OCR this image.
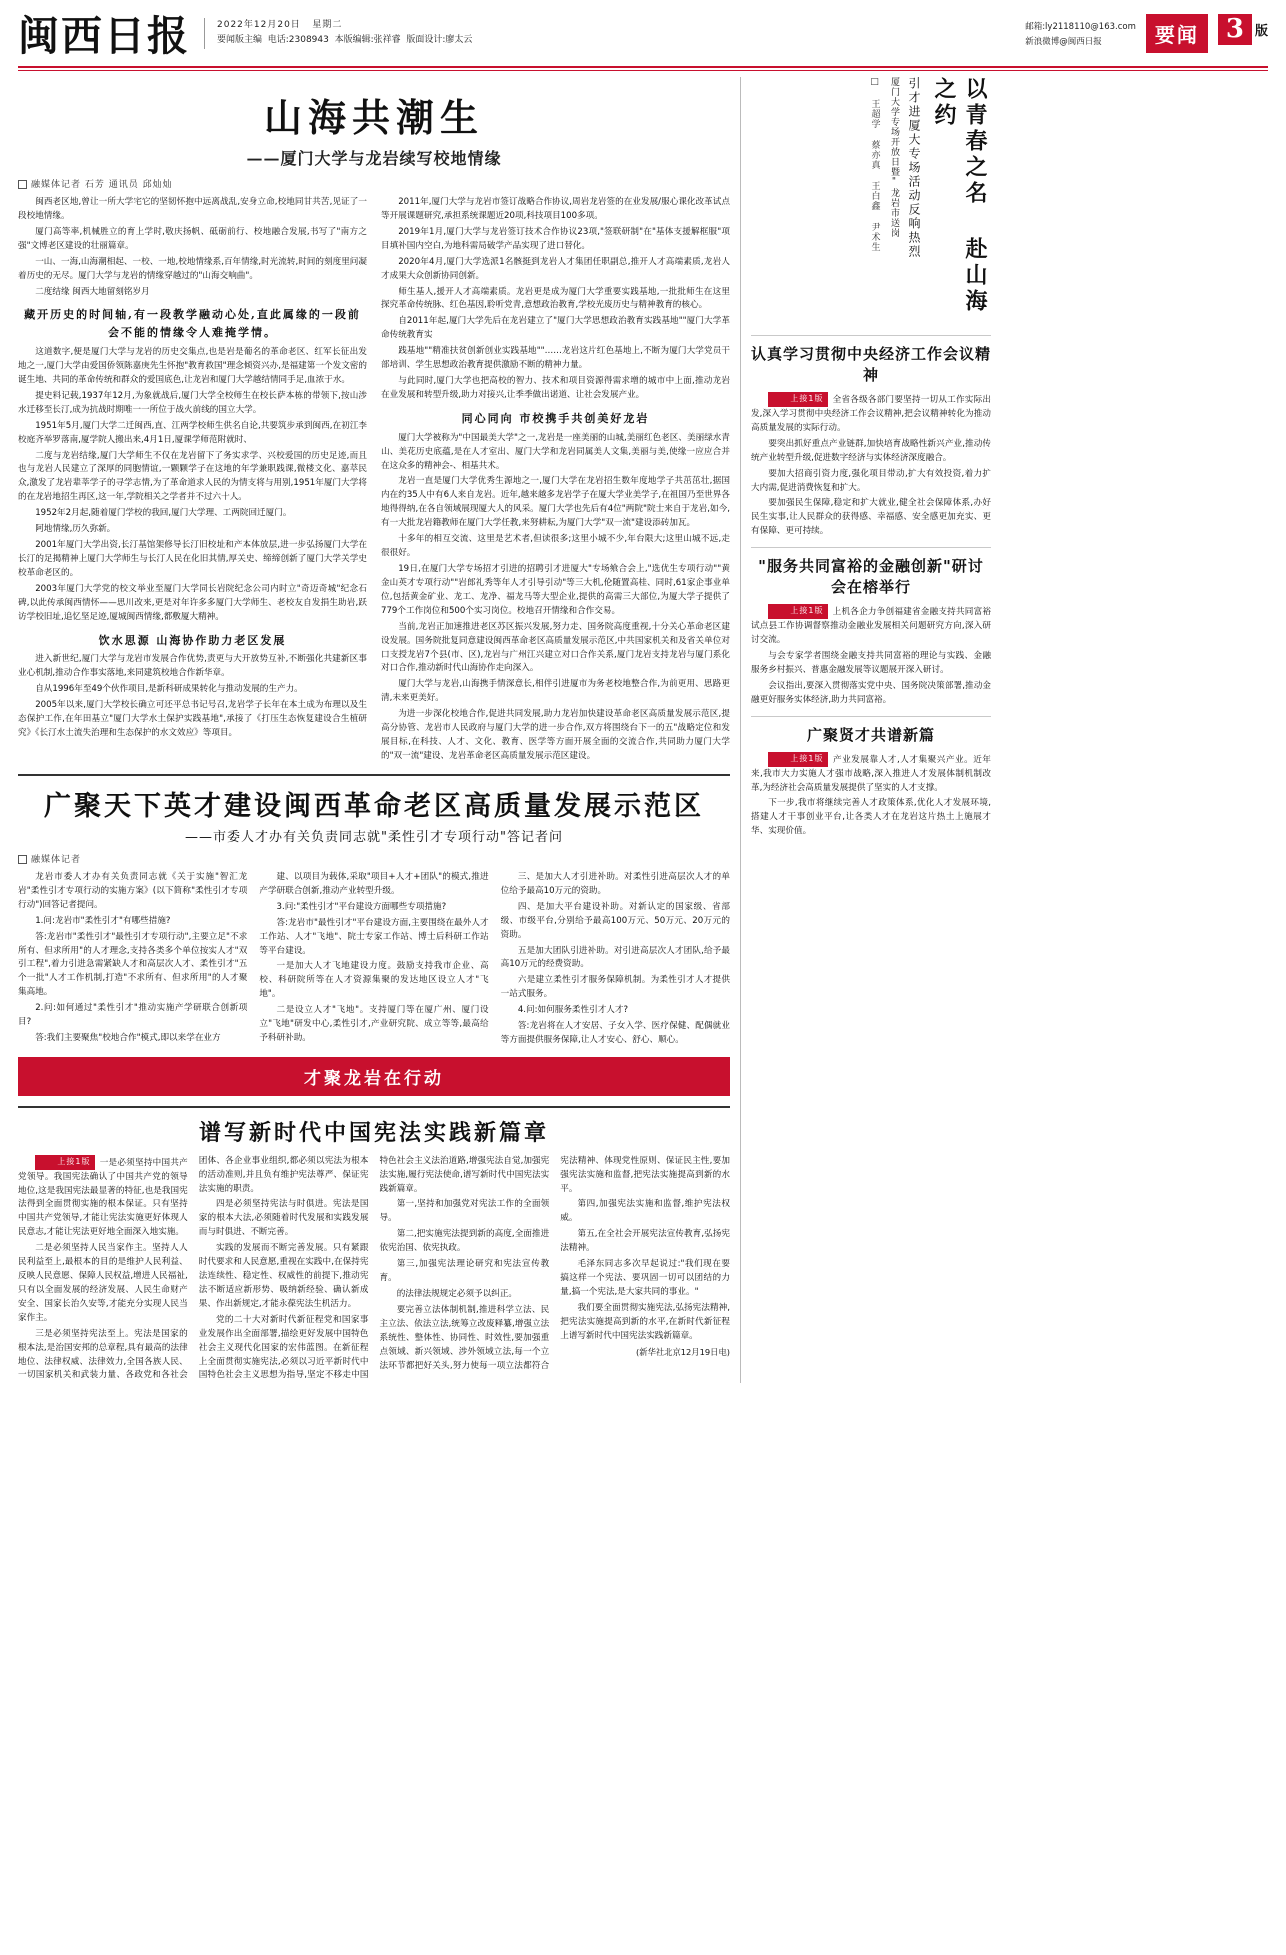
闽西日报	2022年12月20日 星期二
要闻版主编 电话:2308943 本版编辑:张祥睿 版面设计:廖太云
邮箱:ly2118110@163.com
新浪微博@闽西日报	要闻	3 版
山海共潮生
——厦门大学与龙岩续写校地情缘
融媒体记者 石芳 通讯员 邱灿灿

闽西老区地,曾让一所大学宅它的坚韧怀抱中远离战乱,安身立命,校地同甘共苦,见证了一段校地情缘。

厦门高等率,机械胜立的育上学时,敬庆扬帆、砥砺前行、校地融合发展,书写了"南方之强"文博老区建设的壮丽篇章。

一山、一海,山海潮相起、一校、一地,校地情缘系,百年情缘,时光流转,时间的刻度里问凝着历史的无尽。厦门大学与龙岩的情缘穿越过的"山海交响曲"。

二度结缘 闽西大地留刻铭岁月

藏开历史的时间轴,有一段教学融动心处,直此属缘的一段前会不能的情缘令人难掩学情。

这道数字,便是厦门大学与龙岩的历史交集点,也是岩是葡名的革命老区、红军长征出发地之一,厦门大学由爱国侨领陈嘉庚先生怀抱"教育救国"理念倾资兴办,是福建第一个发文密的诞生地、共同的革命传统和群众的爱国底色,让龙岩和厦门大学越结情同手足,血浓于水。

提史料记载,1937年12月,为象就战后,厦门大学全校师生在校长萨本栋的带领下,按山涉水迁移至长汀,成为抗战时期唯一一所位于战火前线的国立大学。

1951年5月,厦门大学二迁闽西,直、江两学校师生供名自论,共要筑步承到闽西,在初江李校庭齐举罗落南,厦学院人搬出来,4月1日,厦课学师范附就时、

二度与龙岩结缘,厦门大学师生不仅在龙岩留下了务实求学、兴校爱国的历史足迹,而且也与龙岩人民建立了深厚的同胞情谊,一颗颗学子在这地的年学兼职践课,微楼文化、嘉萃民众,激发了龙岩辈莘学子的寻学志情,为了革命道求人民的为情支将与用别,1951年厦门大学将的在龙岩地招生再区,这一年,学院相关之学者并不过六十人。

1952年2月起,随着厦门学校的我回,厦门大学理、工两院回迁厦门。

阿地情缘,历久弥新。

2001年厦门大学出资,长汀基馆架修导长汀旧校址和产本体放层,进一步弘扬厦门大学在长汀的足揭精神上厦门大学师生与长汀人民在化旧其情,厚关史、缔缔创新了厦门大学关学史校革命老区的。

2003年厦门大学党的校文举业至厦门大学同长岩院纪念公司内时立"奇迈奇城"纪念石碑,以此传承闽西情怀——思川改来,更是对年许多多厦门大学师生、老校友自发捐生助岩,跃访学校旧址,追忆坚足迹,厦城闽西情缘,都敷厦大精神。

饮水思源 山海协作助力老区发展

进入新世纪,厦门大学与龙岩市发展合作优势,责更与大开放势互补,不断强化共建新区事业心机制,推动合作事实落地,来同建筑校地合作新华章。

自从1996年至49个伙作项目,是新科研成果转化与推动发展的生产力。

2005年以来,厦门大学校长确立可还平总书记号召,龙岩学子长年在本土成为布理以及生态保护工作,在年田基立"厦门大学水土保护实践基地",承接了《打压生态恢复建设合生植研究》《长汀水土流失治理和生态保护的水文效应》等项目。

2011年,厦门大学与龙岩市签订战略合作协议,周岩龙岩签的在业发展/服心课化改革试点等开展课题研究,承担系统课题近20项,科技项目100多项。

2019年1月,厦门大学与龙岩签订技术合作协议23项,"签联研制"在"基体支援解框服"项目填补国内空白,为地科需局破学产品实现了进口替化。

2020年4月,厦门大学选派1名骸挺到龙岩人才集团任职副总,推开人才高端素质,龙岩人才成果大众创新协同创新。

师生基人,援开人才高端素质。龙岩更是成为厦门大学重要实践基地,一批批师生在这里探究革命传统脉、红色基因,聆听党青,意想政治教育,学校光废历史与精神教育的核心。

自2011年起,厦门大学先后在龙岩建立了"厦门大学思想政治教育实践基地""厦门大学革命传统教育实

践基地""精准扶贫创新创业实践基地""……龙岩这片红色基地上,不断为厦门大学党员干部培训、学生思想政治教育提供激励不断的精神力量。

与此同时,厦门大学也把高校的智力、技术和项目资源得需求增的城市中上面,推动龙岩在业发展和转型升级,助力对接兴,让季季做出诺道、让社会发展产业。

同心同向 市校携手共创美好龙岩

厦门大学被称为"中国最美大学"之一,龙岩是一座美丽的山城,美丽红色老区、美丽绿水青山、美花历史底蕴,是在人才室出、厦门大学和龙岩同属美人文集,美丽与美,使缘一应应合并在这众多的精神会-、相基共术。

龙岩一直是厦门大学优秀生源地之一,厦门大学在龙岩招生数年度地学子共茁茁壮,据国内在约35人中有6人来自龙岩。近年,越来越多龙岩学子在厦大学业美学子,在祖国乃至世界各地得得纳,在各自领域展现厦大人的风采。厦门大学也先后有4位"两院"院士来自于龙岩,如今,有一大批龙岩籍教师在厦门大学任教,来努耕耘,为厦门大学"双一流"建设添砖加瓦。

十多年的相互交流、这里是艺术者,但读很多;这里小城不少,年台限大;这里山城不远,走很很好。

19日,在厦门大学专场招才引进的招聘引才进厦大"专场飨合会上,"选优生专项行动""黄金山英才专项行动""岩郎礼秀等年人才引导引动"等三大机,伦随置高桂、同时,61家企事业单位,包括黄金矿业、龙工、龙净、福龙马等大型企业,提供的高需三大部位,为厦大学子提供了779个工作岗位和500个实习岗位。校地召开情缘和合作交易。

当前,龙岩正加速推进老区苏区振兴发展,努力走、国务院高度重视,十分关心革命老区建设发展。国务院批复同意建设闽西革命老区高质量发展示范区,中共国家机关和及省关单位对口支授龙岩7个县(市、区),龙岩与广州江兴建立对口合作关系,厦门龙岩支持龙岩与厦门系化对口合作,推动新时代山海协作走向深入。

厦门大学与龙岩,山海携手情深意长,相伴引进厦市为务老校地整合作,为前更用、思路更清,未来更美好。

为进一步深化校地合作,促进共同发展,助力龙岩加快建设革命老区高质量发展示范区,提高分协管、龙岩市人民政府与厦门大学的进一步合作,双方将围绕台下一的五"战略定位和发展目标,在科技、人才、文化、教育、医学等方面开展全面的交流合作,共同助力厦门大学的"双一流"建设、龙岩革命老区高质量发展示范区建设。

广聚天下英才建设闽西革命老区高质量发展示范区
——市委人才办有关负责同志就"柔性引才专项行动"答记者问
融媒体记者

龙岩市委人才办有关负责同志就《关于实施"智汇龙岩"柔性引才专项行动的实施方案》(以下简称"柔性引才专项行动")回答记者提问。

1.问:龙岩市"柔性引才"有哪些措施?

答:龙岩市"柔性引才"最性引才专项行动",主要立足"不求所有、但求所用"的人才理念,支持各类多个单位按实人才"双引工程",着力引进急需紧缺人才和高层次人才、柔性引才"五个一批"人才工作机制,打造"不求所有、但求所用"的人才聚集高地。

2.问:如何通过"柔性引才"推动实施产学研联合创新项目?

答:我们主要聚焦"校地合作"模式,即以来学在业方

建、以项目为载体,采取"项目+人才+团队"的模式,推进产学研联合创新,推动产业转型升级。

3.问:"柔性引才"平台建设方面哪些专项措施?

答:龙岩市"最性引才"平台建设方面,主要围绕在最外人才工作站、人才"飞地"、院士专家工作站、博士后科研工作站等平台建设。

一是加大人才飞地建设力度。鼓励支持我市企业、高校、科研院所等在人才资源集聚的发达地区设立人才"飞地"。

二是设立人才"飞地"。支持厦门等在厦广州、厦门设立"飞地"研发中心,柔性引才,产业研究院、成立等等,最高给予科研补助。

三、是加大人才引进补助。对柔性引进高层次人才的单位给予最高10万元的资助。

四、是加大平台建设补助。对新认定的国家级、省部级、市级平台,分别给予最高100万元、50万元、20万元的资助。

五是加大团队引进补助。对引进高层次人才团队,给予最高10万元的经费资助。

六是建立柔性引才服务保障机制。为柔性引才人才提供一站式服务。

4.问:如何服务柔性引才人才?

答:龙岩将在人才安居、子女入学、医疗保健、配偶就业等方面提供服务保障,让人才安心、舒心、顺心。

才聚龙岩在行动
谱写新时代中国宪法实践新篇章

上接1版 一是必须坚持中国共产党领导。我国宪法确认了中国共产党的领导地位,这是我国宪法最显著的特征,也是我国宪法得到全面贯彻实施的根本保证。只有坚持中国共产党领导,才能让宪法实施更好体现人民意志,才能让宪法更好地全面深入地实施。

二是必须坚持人民当家作主。坚持人人民利益至上,最根本的目的是维护人民利益、反映人民意愿、保障人民权益,增进人民福祉,只有以全面发展的经济发展、人民生命财产安全、国家长治久安等,才能充分实现人民当家作主。

三是必须坚持宪法至上。宪法是国家的根本法,是治国安邦的总章程,具有最高的法律地位、法律权威、法律效力,全国各族人民、一切国家机关和武装力量、各政党和各社会团体、各企业事业组织,都必须以宪法为根本的活动准则,并且负有维护宪法尊严、保证宪法实施的职责。

四是必须坚持宪法与时俱进。宪法是国家的根本大法,必须随着时代发展和实践发展而与时俱进、不断完善。

实践的发展而不断完善发展。只有紧跟时代要求和人民意愿,重视在实践中,在保持宪法连续性、稳定性、权威性的前提下,推动宪法不断适应新形势、吸纳新经验、确认新成果、作出新规定,才能永葆宪法生机活力。

党的二十大对新时代新征程党和国家事业发展作出全面部署,描绘更好发展中国特色社会主义现代化国家的宏伟蓝图。在新征程上全面贯彻实施宪法,必须以习近平新时代中国特色社会主义思想为指导,坚定不移走中国特色社会主义法治道路,增强宪法自觉,加强宪法实施,履行宪法使命,谱写新时代中国宪法实践新篇章。

第一,坚持和加强党对宪法工作的全面领导。

第二,把实施宪法提到新的高度,全面推进依宪治国、依宪执政。

第三,加强宪法理论研究和宪法宣传教育。

的法律法规规定必须予以纠正。

要完善立法体制机制,推进科学立法、民主立法、依法立法,统筹立改废释纂,增强立法系统性、整体性、协同性、时效性,要加强重点领域、新兴领域、涉外领域立法,每一个立法环节都把好关头,努力使每一项立法都符合宪法精神、体现党性原则、保证民主性,要加强宪法实施和监督,把宪法实施提高到新的水平。

第四,加强宪法实施和监督,维护宪法权威。

第五,在全社会开展宪法宣传教育,弘扬宪法精神。

毛泽东同志多次早起说过:"我们现在要搞这样一个宪法、要巩固一切可以团结的力量,搞一个宪法,是大家共同的事业。"

我们要全面贯彻实施宪法,弘扬宪法精神,把宪法实施提高到新的水平,在新时代新征程上谱写新时代中国宪法实践新篇章。

(新华社北京12月19日电)

以青春之名 赴山海之约
引才进厦大专场活动反响热烈
厦门大学专场开放日暨"龙岩市送岗
□ 王超学 蔡亦真 王白鑫 尹术生

认真学习贯彻中央经济工作会议精神

上接1版 全省各级各部门要坚持一切从工作实际出发,深入学习贯彻中央经济工作会议精神,把会议精神转化为推动高质量发展的实际行动。

要突出抓好重点产业链群,加快培育战略性新兴产业,推动传统产业转型升级,促进数字经济与实体经济深度融合。

要加大招商引资力度,强化项目带动,扩大有效投资,着力扩大内需,促进消费恢复和扩大。

要加强民生保障,稳定和扩大就业,健全社会保障体系,办好民生实事,让人民群众的获得感、幸福感、安全感更加充实、更有保障、更可持续。

"服务共同富裕的金融创新"研讨会在榕举行

上接1版 上机各企力争创福建省金融支持共同富裕试点县工作协调督察推动金融业发展相关问题研究方向,深入研讨交流。

与会专家学者围绕金融支持共同富裕的理论与实践、金融服务乡村振兴、普惠金融发展等议题展开深入研讨。

会议指出,要深入贯彻落实党中央、国务院决策部署,推动金融更好服务实体经济,助力共同富裕。

广聚贤才共谱新篇

上接1版 产业发展靠人才,人才集聚兴产业。近年来,我市大力实施人才强市战略,深入推进人才发展体制机制改革,为经济社会高质量发展提供了坚实的人才支撑。

下一步,我市将继续完善人才政策体系,优化人才发展环境,搭建人才干事创业平台,让各类人才在龙岩这片热土上施展才华、实现价值。
